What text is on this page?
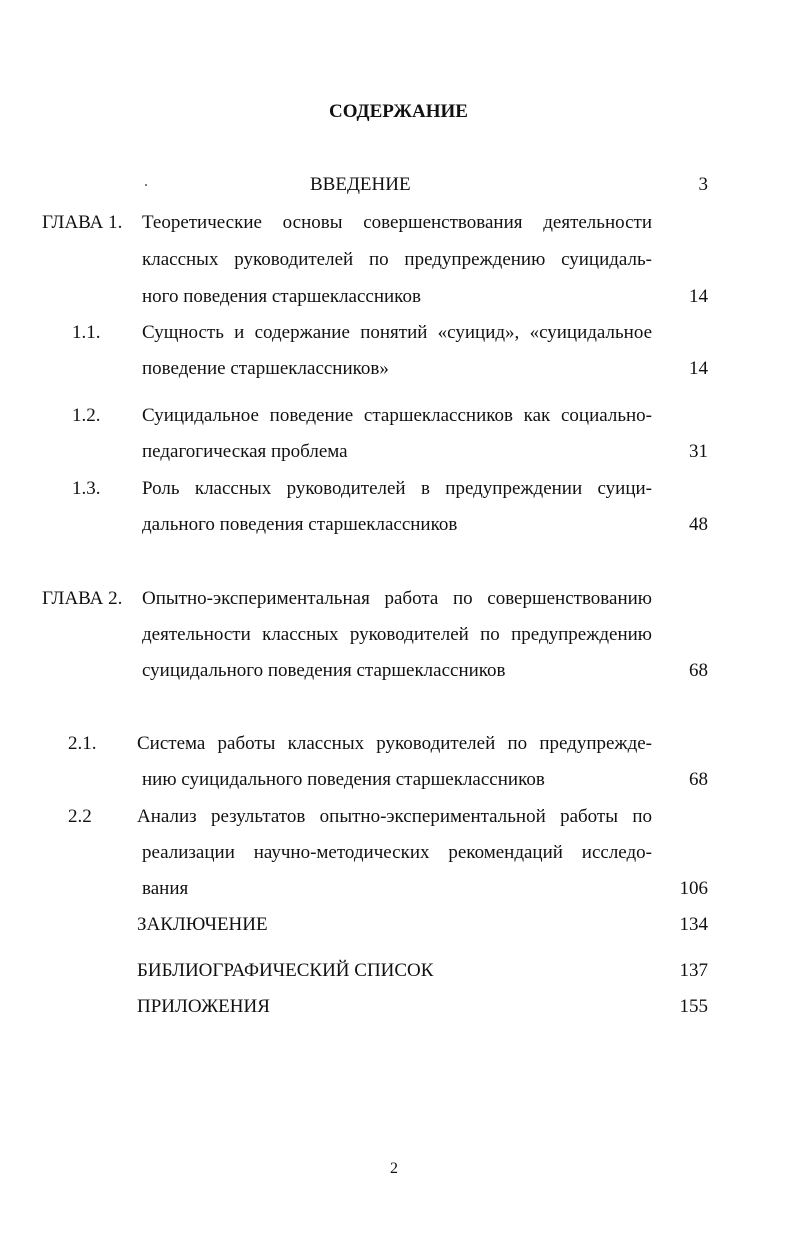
СОДЕРЖАНИЕ
ВВЕДЕНИЕ	3
ГЛАВА 1. Теоретические основы совершенствования деятельности
классных руководителей по предупреждению суицидаль-
ного поведения старшеклассников	14
1.1. Сущность и содержание понятий «суицид», «суицидальное
поведение старшеклассников»	14
1.2. Суицидальное поведение старшеклассников как социально-
педагогическая проблема	31
1.3. Роль классных руководителей в предупреждении суици-
дального поведения старшеклассников	48
ГЛАВА 2. Опытно-экспериментальная работа по совершенствованию
деятельности классных руководителей по предупреждению
суицидального поведения старшеклассников	68
2.1. Система работы классных руководителей по предупрежде-
нию суицидального поведения старшеклассников	68
2.2 Анализ результатов опытно-экспериментальной работы по
реализации научно-методических рекомендаций исследо-
вания	106
ЗАКЛЮЧЕНИЕ	134
БИБЛИОГРАФИЧЕСКИЙ СПИСОК	137
ПРИЛОЖЕНИЯ	155
2
